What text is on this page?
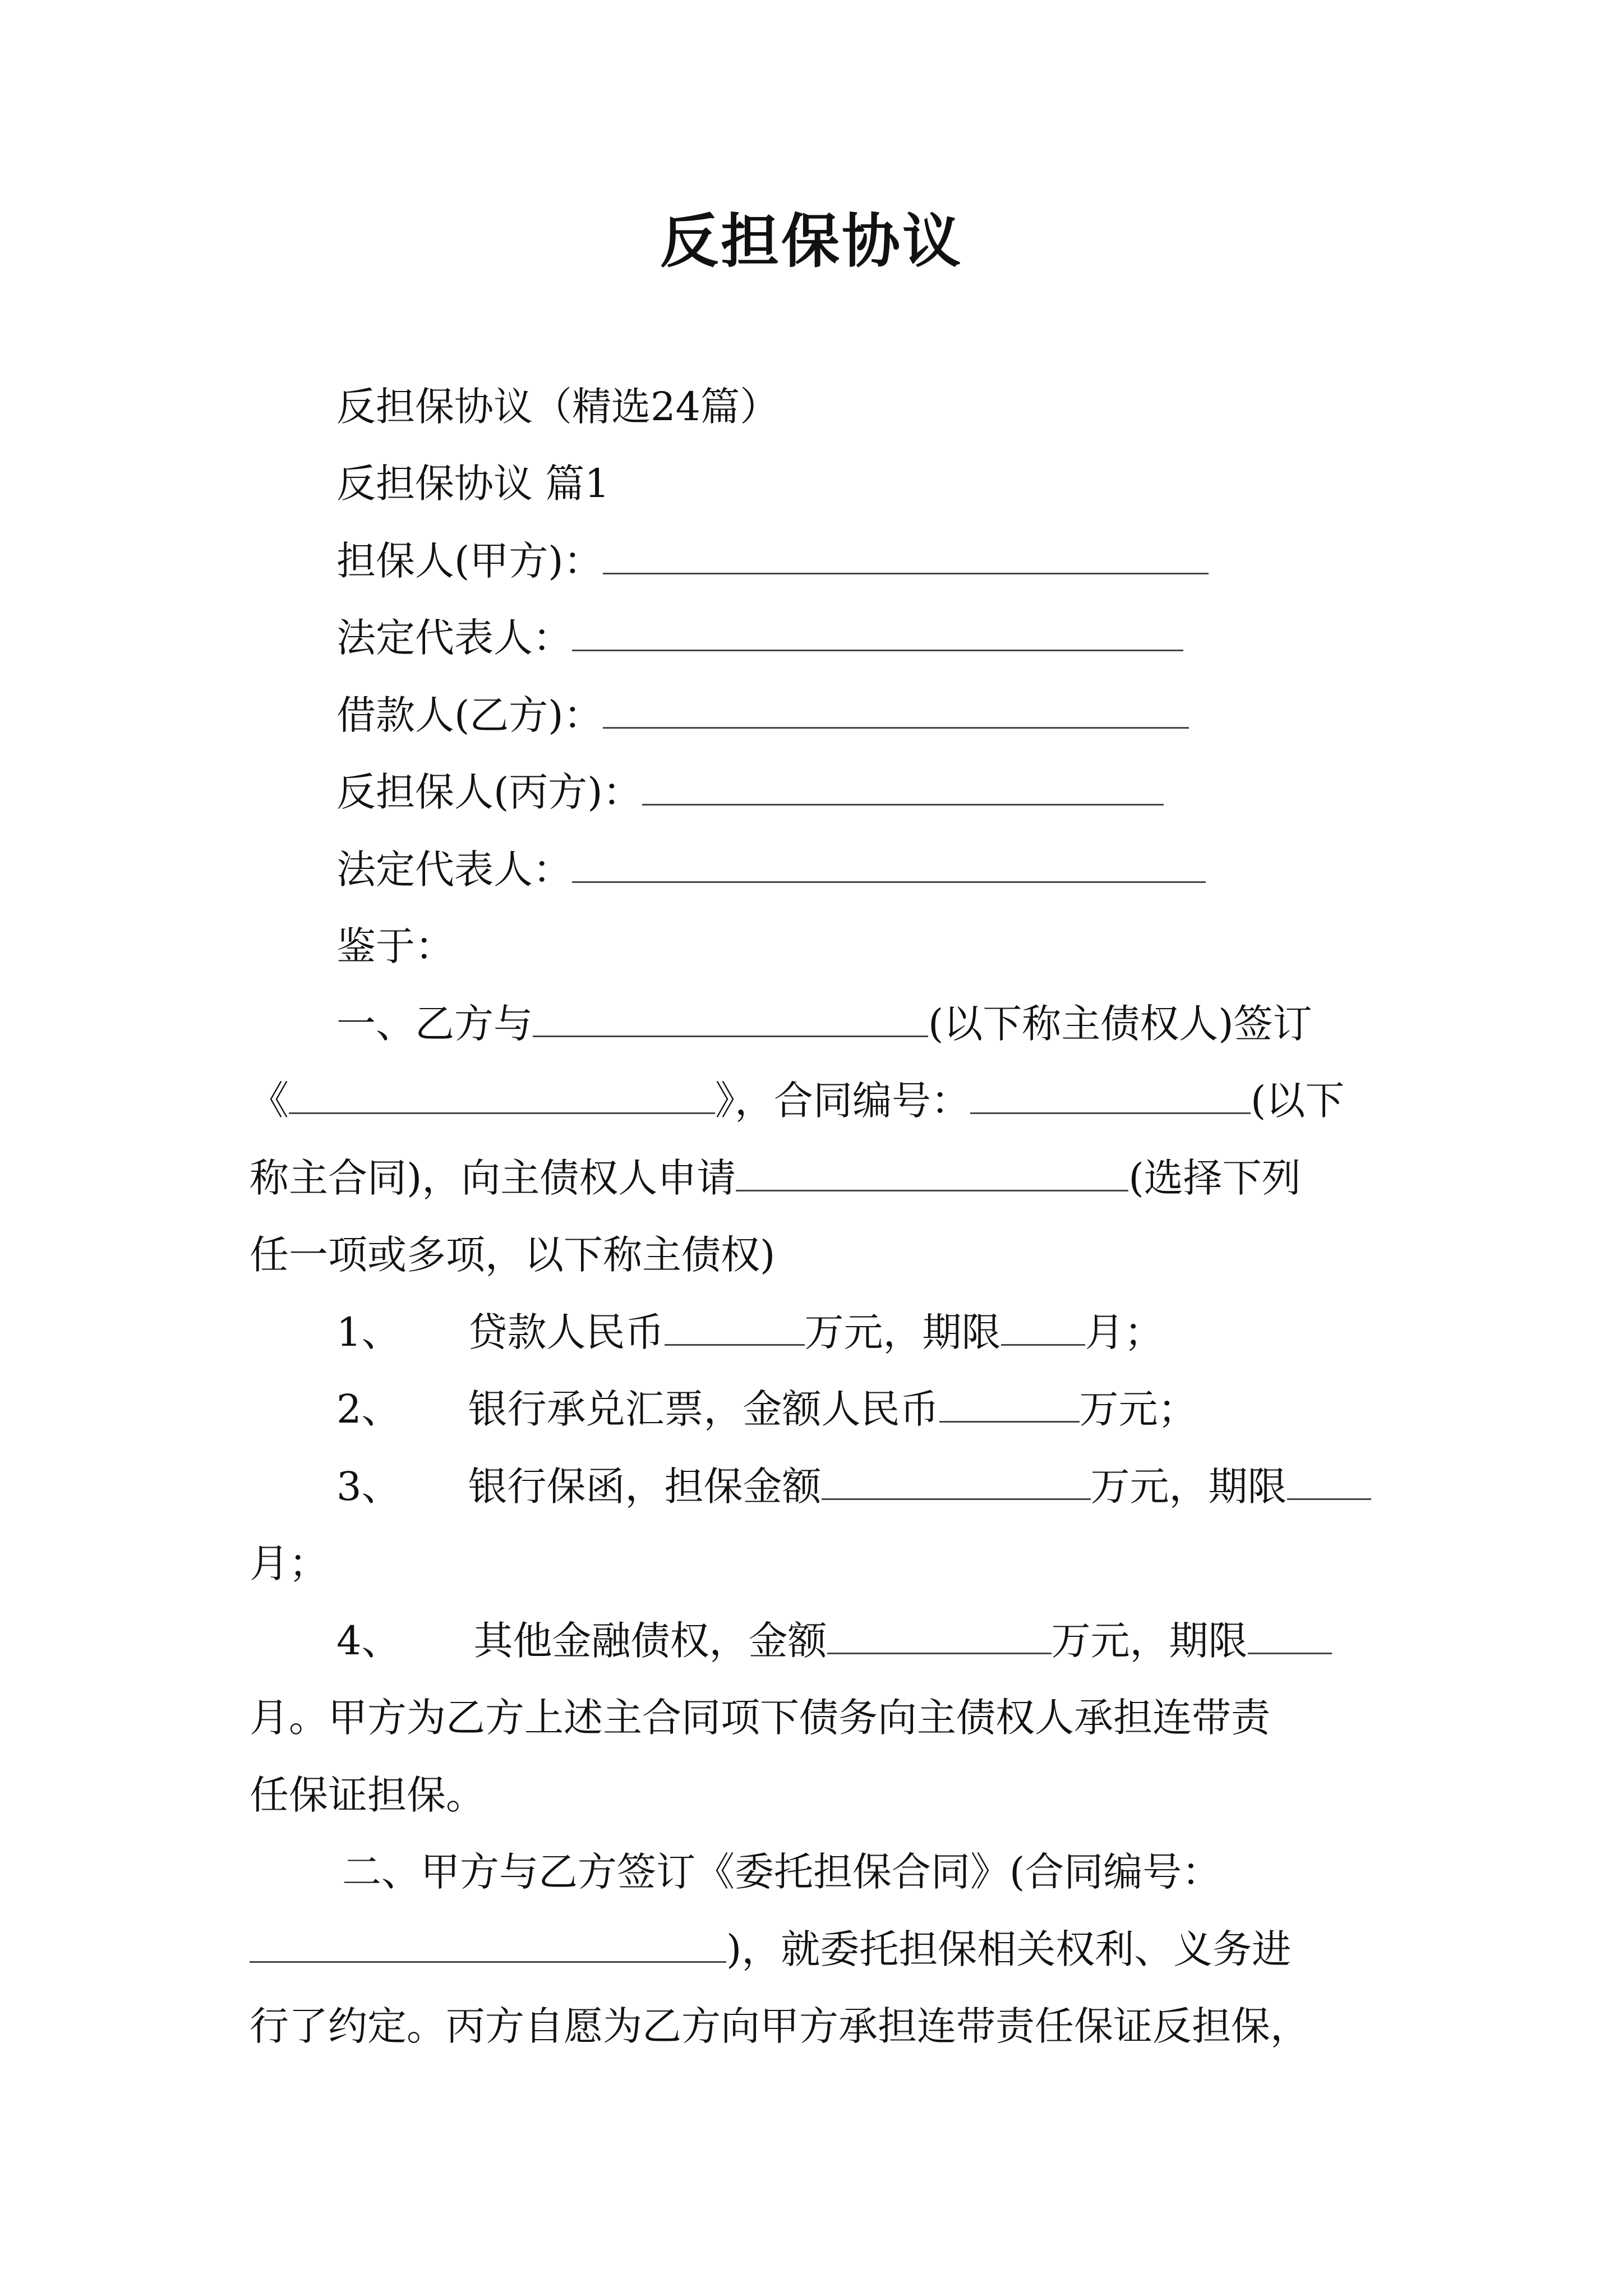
反担保协议
反担保协议（精选24篇）
反担保协议 篇1
担保人(甲方)：
法定代表人：
借款人(乙方)：
反担保人(丙方)：
法定代表人：
鉴于：
一、乙方与	(以下称主债权人)签订
《	》，合同编号：	(以下
称主合同)，向主债权人申请	(选择下列
任一项或多项，以下称主债权)
1、 贷款人民币	万元，期限 月；
2、 银行承兑汇票，金额人民币	万元；
3、 银行保函，担保金额	万元，期限
月；
4、 其他金融债权，金额	万元，期限
月。甲方为乙方上述主合同项下债务向主债权人承担连带责
任保证担保。
二、甲方与乙方签订《委托担保合同》(合同编号：
)，就委托担保相关权利、义务进
行了约定。丙方自愿为乙方向甲方承担连带责任保证反担保，
